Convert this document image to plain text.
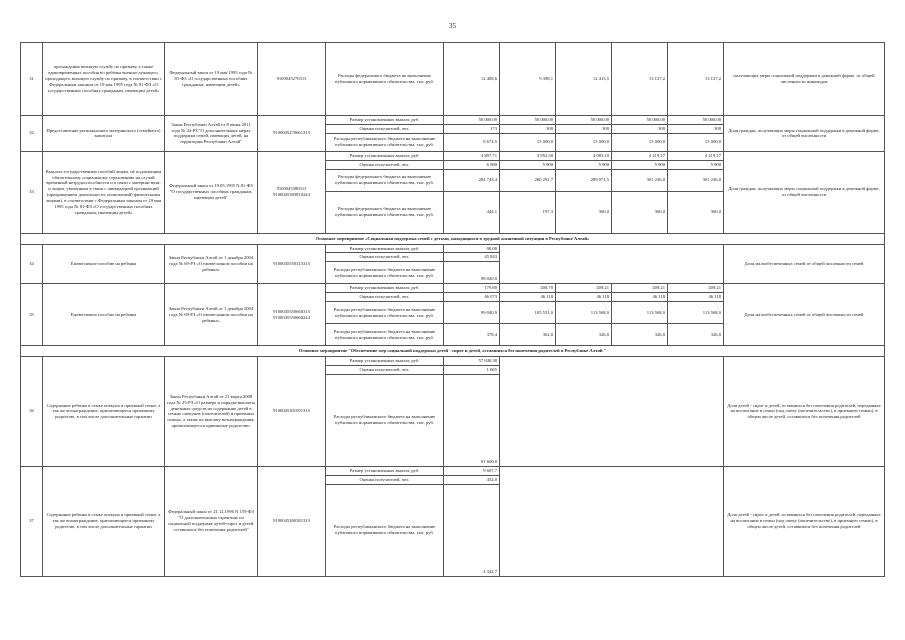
35
31	прохождения военную службу по призыву, а также единовременных пособия по ребёнка военнослужащего, проходящего военную службу по призыву, в соответствии с Федеральным законом от 19 мая 1995 года № 81-ФЗ «О государственных пособиях гражданам, имеющим детей»	Федеральный закон от 19 мая 1995 года № 81-ФЗ «О государственных пособиях гражданам, имеющим детей»	9100045270313	Расходы федерального бюджета на выполнение публичного нормативного обязательства, тыс. руб.	12 408,6	9 398,1	12 413,5	13 127,2	13 127,2	получающих меры социальной поддержки в денежной форме, от общей численности инвалидов
32	Предоставление регионального материнского (семейного) капитала	Закон Республики Алтай от 8 июня 2011 года № 44-РЗ "О дополнительных мерах поддержки семей, имеющих детей, на территории Республики Алтай"	9100045270661313	Размер установленных выплат, руб.	50 000,00	50 000,00	50 000,00	50 000,00	50 000,00	Доля граждан, получающих меры социальной поддержки в денежной форме, от общей численности
				Оценка получателей, чел.	173	300	300	300	300	
				Расходы республиканского бюджета на выполнение публичного нормативного обязательства, тыс. руб.	8 674,5	15 000,0	15 000,0	15 000,0	15 000,0	
33	Выплата государственных пособий лицам, не подлежащим обязательному социальному страхованию на случай временной нетрудоспособности и в связи с материнством, и лицам, уволенным в связи с ликвидацией организаций (прекращением деятельности, полномочий) физическими лицами), в соответствии с Федеральным законом от 19 мая 1995 года № 81-ФЗ «О государственных пособиях гражданам, имеющим детей»	Федеральный закон от 19.05.1995 N 81-ФЗ "О государственных пособиях гражданам, имеющим детей"	9100045380313 9100045383810244	Размер установленных выплат, руб.	3 897,71	3 952,58	4 083,10	4 219,27	4 219,27	Доля граждан, получающих меры социальной поддержки в денежной форме, от общей численности
				Оценка получателей, чел.	6 080	5 900	5 900	5 900	5 900	
				Расходы федерального бюджета на выполнение публичного нормативного обязательства, тыс. руб.	284 743,4	280 292,7	289 071,5	301 236,0	301 236,0	
				Расходы федерального бюджета на выполнение публичного нормативного обязательства, тыс. руб.	444,1	197,3	360,0	360,0	360,0	
Основное мероприятие «Социальная поддержка семей с детьми, находящихся в трудной жизненной ситуации в Республике Алтай»										
34	Ежемесячное пособие на ребенка	Закон Республики Алтай от 1 декабря 2004 года № 69-РЗ «О ежемесячном пособии на ребенка»	9100045550313313	Размер установленных выплат, руб.	90,00					Доля малообеспеченных семей от общей численности семей
				Оценка получателей, чел.	45 843					
				Расходы республиканского бюджета на выполнение публичного нормативного обязательства, тыс. руб.	98 020,0					
35	Ежемесячное пособие на ребенка	Закон Республики Алтай от 1 декабря 2004 года № 69-РЗ «О ежемесячном пособии на ребенка»	9100045550660313 9100045550660244	Размер установленных выплат, руб.	179,80	200,70	209,21	209,21	209,21	Доля малообеспеченных семей от общей численности семей
				Оценка получателей, чел.	46 073	46 118	46 118	46 118	46 118	
				Расходы республиканского бюджета на выполнение публичного нормативного обязательства, тыс. руб.	99 040,9	105 531,0	113 568,0	113 568,0	113 568,0	
				Расходы республиканского бюджета на выполнение публичного нормативного обязательства, тыс. руб.	378,4	362,0	326,0	326,0	326,0	
Основное мероприятие "Обеспечение мер социальной поддержки детей - сирот и детей, оставшихся без попечения родителей в Республике Алтай "										
36	Содержание ребенка в семье опекуна и приемной семье, а так же вознаграждение, причитающееся приемному родителю, в том числе дополнительные гарантии	Закон Республики Алтай от 21 марта 2008 года № 25-РЗ «О размере и порядке выплаты денежных средств на содержание детей в семьях опекунов (попечителей) и приемных семьях, а также на выплату вознаграждения, причитающегося приемному родителю»	9100045301091313	Размер установленных выплат, руб.	57 840,38					Доля детей - сирот и детей, оставшихся без попечения родителей, переданных на воспитание в семьи (под опеку (попечительство), в приемную семью), в общем числе детей, оставшихся без попечения родителей
				Оценка получателей, чел.	1 065					
				Расходы республиканского бюджета на выполнение публичного нормативного обязательства, тыс. руб.	61 600,0					
37	Содержание ребенка в семье опекуна и приемной семье, а так же вознаграждение, причитающееся приемному родителю, в том числе дополнительные гарантии	Федеральный закон от 21.12.1996 N 159-ФЗ "О дополнительных гарантиях по социальной поддержке детей-сирот и детей, оставшихся без попечения родителей"	9100045260381313	Размер установленных выплат, руб.	9 607,7					Доля детей - сирот и детей, оставшихся без попечения родителей, переданных на воспитание в семьи (под опеку (попечительство), в приемную семью), в общем числе детей, оставшихся без попечения родителей
				Оценка получателей, чел.	452,0					
				Расходы республиканского бюджета на выполнение публичного нормативного обязательства, тыс. руб.	4 342,7					
